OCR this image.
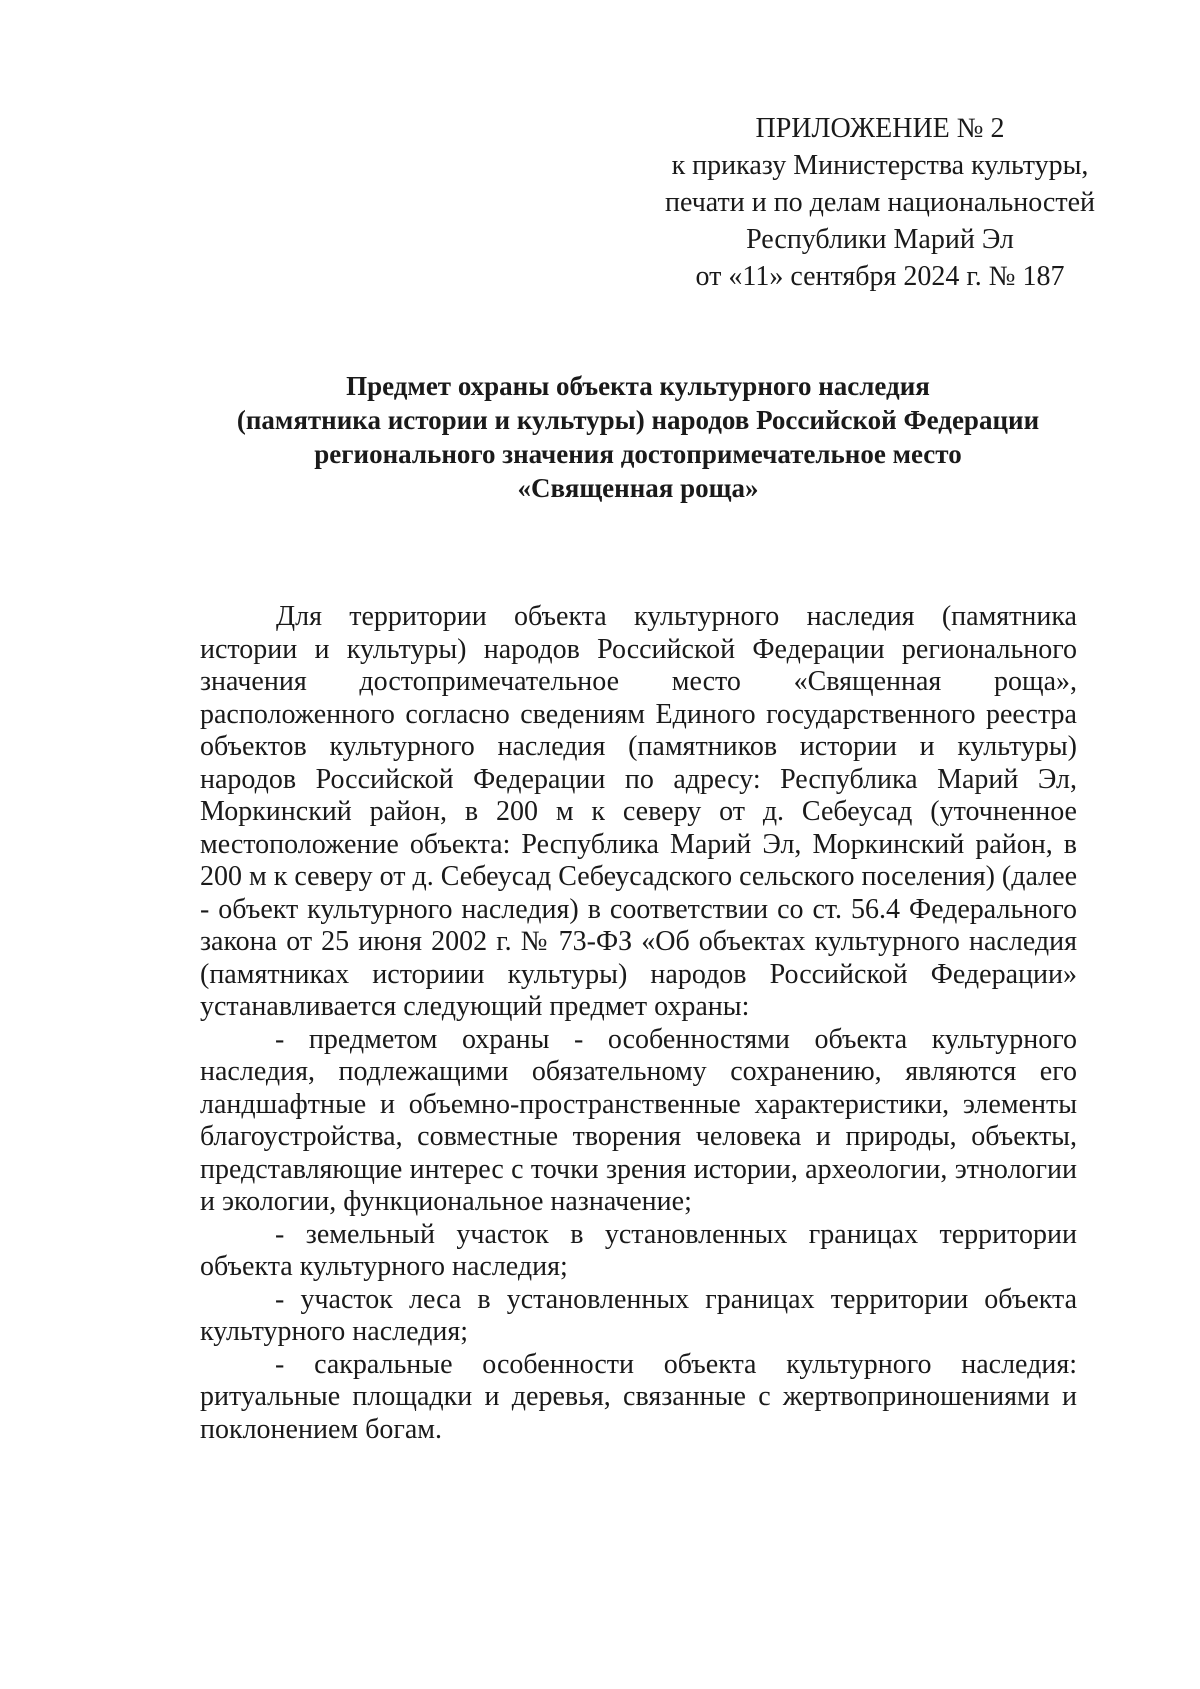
ПРИЛОЖЕНИЕ № 2
к приказу Министерства культуры,
печати и по делам национальностей
Республики Марий Эл
от «11» сентября 2024 г. № 187
Предмет охраны объекта культурного наследия
(памятника истории и культуры) народов Российской Федерации
регионального значения достопримечательное место
«Священная роща»

Для территории объекта культурного наследия (памятника истории и культуры) народов Российской Федерации регионального значения достопримечательное место «Священная роща», расположенного согласно сведениям Единого государственного реестра объектов культурного наследия (памятников истории и культуры) народов Российской Федерации по адресу: Республика Марий Эл, Моркинский район, в 200 м к северу от д. Себеусад (уточненное местоположение объекта: Республика Марий Эл, Моркинский район, в 200 м к северу от д. Себеусад Себеусадского сельского поселения) (далее - объект культурного наследия) в соответствии со ст. 56.4 Федерального закона от 25 июня 2002 г. № 73-ФЗ «Об объектах культурного наследия (памятниках историии культуры) народов Российской Федерации» устанавливается следующий предмет охраны:

- предметом охраны - особенностями объекта культурного наследия, подлежащими обязательному сохранению, являются его ландшафтные и объемно-пространственные характеристики, элементы благоустройства, совместные творения человека и природы, объекты, представляющие интерес с точки зрения истории, археологии, этнологии и экологии, функциональное назначение;

- земельный участок в установленных границах территории объекта культурного наследия;

- участок леса в установленных границах территории объекта культурного наследия;

- сакральные особенности объекта культурного наследия: ритуальные площадки и деревья, связанные с жертвоприношениями и поклонением богам.
